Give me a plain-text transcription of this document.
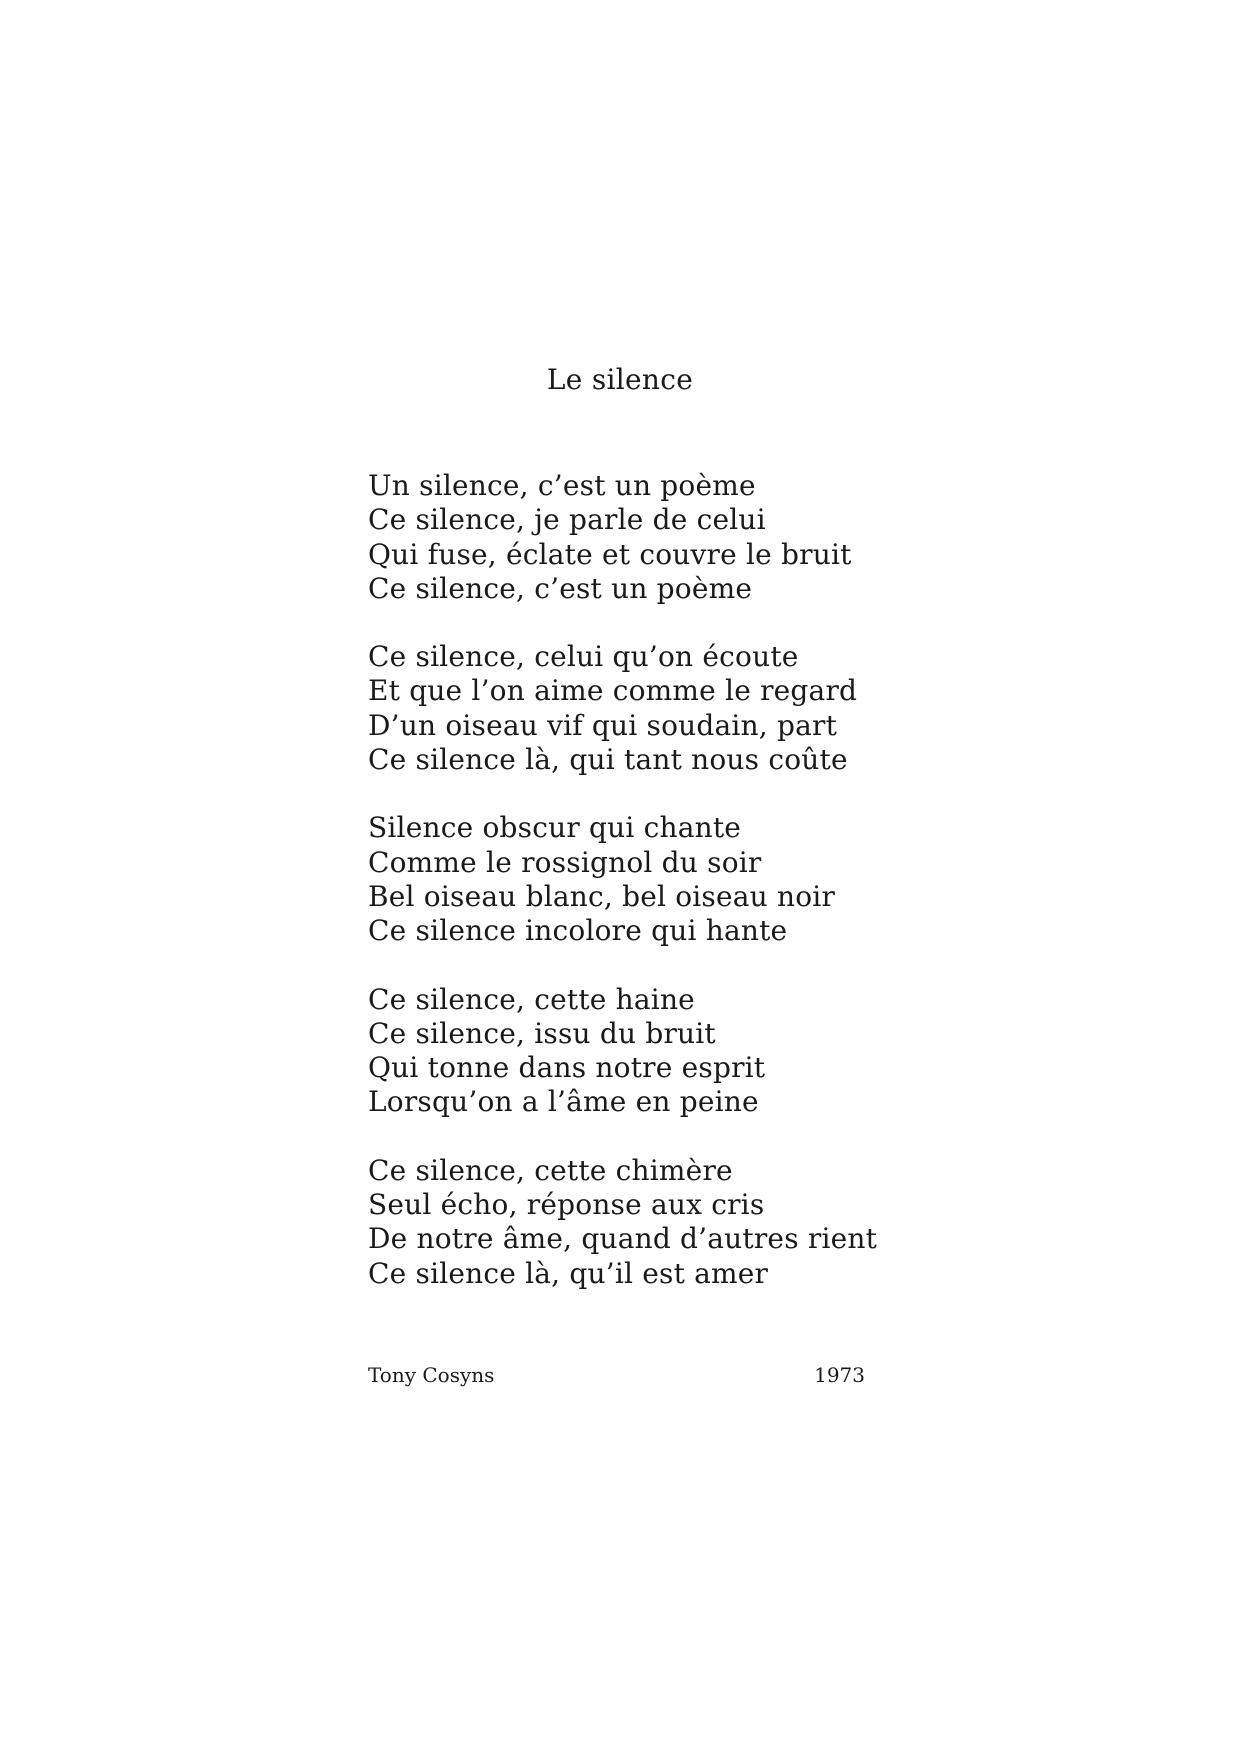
Le silence
Un silence, c’est un poème
Ce silence, je parle de celui
Qui fuse, éclate et couvre le bruit
Ce silence, c’est un poème
Ce silence, celui qu’on écoute
Et que l’on aime comme le regard
D’un oiseau vif qui soudain, part
Ce silence là, qui tant nous coûte
Silence obscur qui chante
Comme le rossignol du soir
Bel oiseau blanc, bel oiseau noir
Ce silence incolore qui hante
Ce silence, cette haine
Ce silence, issu du bruit
Qui tonne dans notre esprit
Lorsqu’on a l’âme en peine
Ce silence, cette chimère
Seul écho, réponse aux cris
De notre âme, quand d’autres rient
Ce silence là, qu’il est amer
Tony Cosyns	1973
